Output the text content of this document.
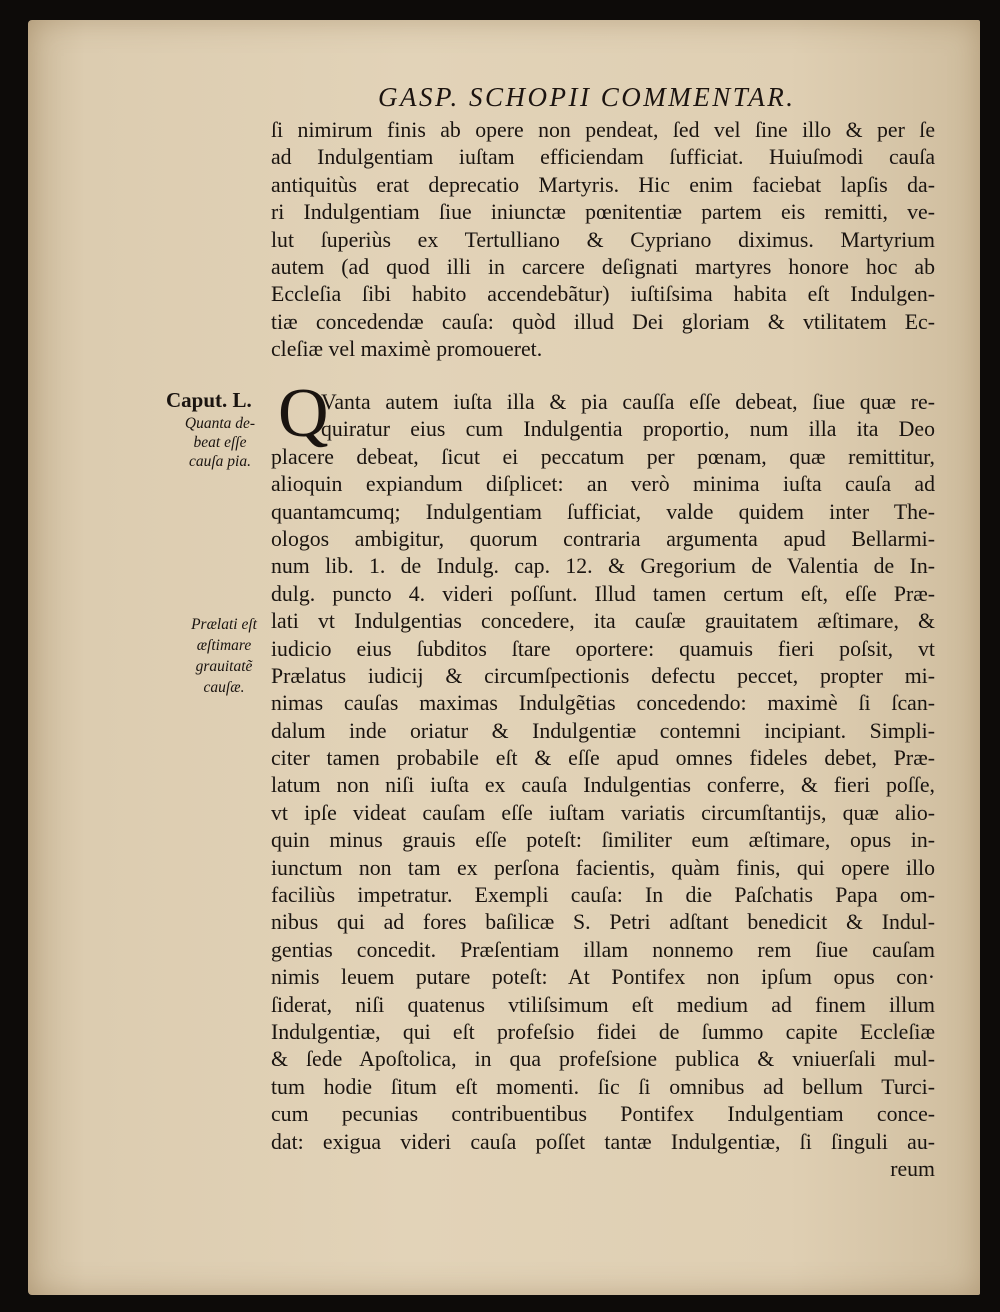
GASP. SCHOPII COMMENTAR.
ſi nimirum finis ab opere non pendeat, ſed vel ſine illo & per ſe
ad Indulgentiam iuſtam efficiendam ſufficiat. Huiuſmodi cauſa
antiquitùs erat deprecatio Martyris. Hic enim faciebat lapſis da-
ri Indulgentiam ſiue iniunctæ pœnitentiæ partem eis remitti, ve-
lut ſuperiùs ex Tertulliano & Cypriano diximus. Martyrium
autem (ad quod illi in carcere deſignati martyres honore hoc ab
Eccleſia ſibi habito accendebãtur) iuſtiſsima habita eſt Indulgen-
tiæ concedendæ cauſa: quòd illud Dei gloriam & vtilitatem Ec-
cleſiæ vel maximè promoueret.
Caput. L.
Quanta de-
beat eſſe
cauſa pia.
Prælati eſt
æſtimare
grauitatẽ
cauſæ.
Q
Vanta autem iuſta illa & pia cauſſa eſſe debeat, ſiue quæ re-
quiratur eius cum Indulgentia proportio, num illa ita Deo
placere debeat, ſicut ei peccatum per pœnam, quæ remittitur,
alioquin expiandum diſplicet: an verò minima iuſta cauſa ad
quantamcumq; Indulgentiam ſufficiat, valde quidem inter The-
ologos ambigitur, quorum contraria argumenta apud Bellarmi-
num lib. 1. de Indulg. cap. 12. & Gregorium de Valentia de In-
dulg. puncto 4. videri poſſunt. Illud tamen certum eſt, eſſe Præ-
lati vt Indulgentias concedere, ita cauſæ grauitatem æſtimare, &
iudicio eius ſubditos ſtare oportere: quamuis fieri poſsit, vt
Prælatus iudicij & circumſpectionis defectu peccet, propter mi-
nimas cauſas maximas Indulgẽtias concedendo: maximè ſi ſcan-
dalum inde oriatur & Indulgentiæ contemni incipiant. Simpli-
citer tamen probabile eſt & eſſe apud omnes fideles debet, Præ-
latum non niſi iuſta ex cauſa Indulgentias conferre, & fieri poſſe,
vt ipſe videat cauſam eſſe iuſtam variatis circumſtantijs, quæ alio-
quin minus grauis eſſe poteſt: ſimiliter eum æſtimare, opus in-
iunctum non tam ex perſona facientis, quàm finis, qui opere illo
faciliùs impetratur. Exempli cauſa: In die Paſchatis Papa om-
nibus qui ad fores baſilicæ S. Petri adſtant benedicit & Indul-
gentias concedit. Præſentiam illam nonnemo rem ſiue cauſam
nimis leuem putare poteſt: At Pontifex non ipſum opus con·
ſiderat, niſi quatenus vtiliſsimum eſt medium ad finem illum
Indulgentiæ, qui eſt profeſsio fidei de ſummo capite Eccleſiæ
& ſede Apoſtolica, in qua profeſsione publica & vniuerſali mul-
tum hodie ſitum eſt momenti. ſic ſi omnibus ad bellum Turci-
cum pecunias contribuentibus Pontifex Indulgentiam conce-
dat: exigua videri cauſa poſſet tantæ Indulgentiæ, ſi ſinguli au-
reum
